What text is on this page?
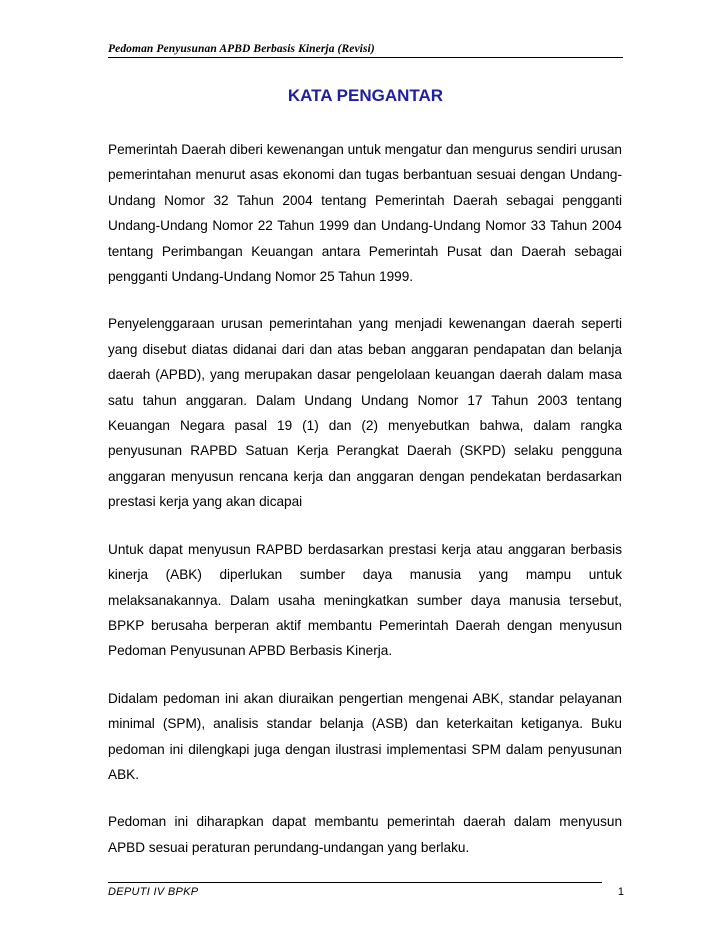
Pedoman Penyusunan APBD Berbasis Kinerja (Revisi)
KATA PENGANTAR

Pemerintah Daerah diberi kewenangan untuk mengatur dan mengurus sendiri urusan pemerintahan menurut asas ekonomi dan tugas berbantuan sesuai dengan Undang-Undang Nomor 32 Tahun 2004 tentang Pemerintah Daerah sebagai pengganti Undang-Undang Nomor 22 Tahun 1999 dan Undang-Undang Nomor 33 Tahun 2004 tentang Perimbangan Keuangan antara Pemerintah Pusat dan Daerah sebagai pengganti Undang-Undang Nomor 25 Tahun 1999.

Penyelenggaraan urusan pemerintahan yang menjadi kewenangan daerah seperti yang disebut diatas didanai dari dan atas beban anggaran pendapatan dan belanja daerah (APBD), yang merupakan dasar pengelolaan keuangan daerah dalam masa satu tahun anggaran. Dalam Undang Undang Nomor 17 Tahun 2003 tentang Keuangan Negara pasal 19 (1) dan (2) menyebutkan bahwa, dalam rangka penyusunan RAPBD Satuan Kerja Perangkat Daerah (SKPD) selaku pengguna anggaran menyusun rencana kerja dan anggaran dengan pendekatan berdasarkan prestasi kerja yang akan dicapai

Untuk dapat menyusun RAPBD berdasarkan prestasi kerja atau anggaran berbasis kinerja (ABK) diperlukan sumber daya manusia yang mampu untuk melaksanakannya. Dalam usaha meningkatkan sumber daya manusia tersebut, BPKP berusaha berperan aktif membantu Pemerintah Daerah dengan menyusun Pedoman Penyusunan APBD Berbasis Kinerja.

Didalam pedoman ini akan diuraikan pengertian mengenai ABK, standar pelayanan minimal (SPM), analisis standar belanja (ASB) dan keterkaitan ketiganya. Buku pedoman ini dilengkapi juga dengan ilustrasi implementasi SPM dalam penyusunan ABK.

Pedoman ini diharapkan dapat membantu pemerintah daerah dalam menyusun APBD sesuai peraturan perundang-undangan yang berlaku.

DEPUTI IV BPKP	1
